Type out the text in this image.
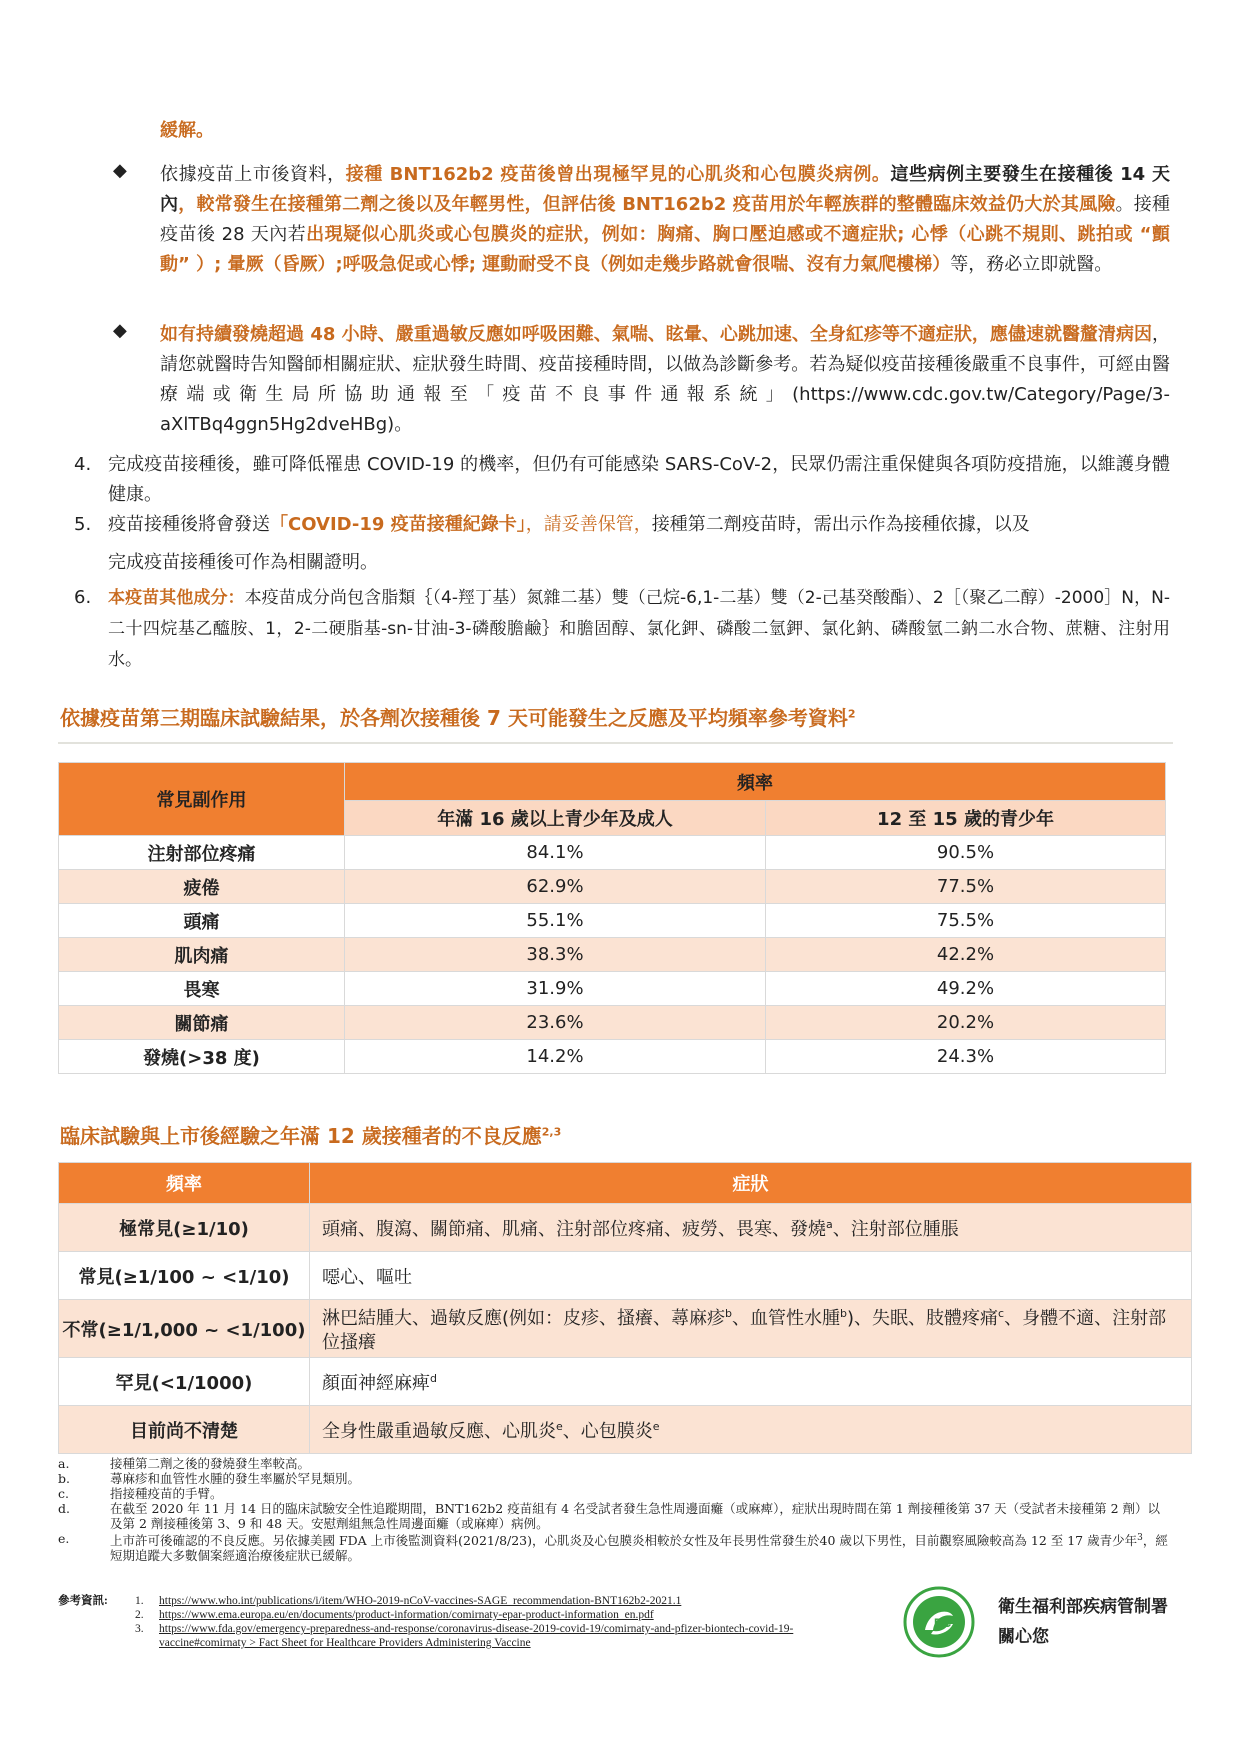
緩解。
◆ 依據疫苗上市後資料，接種 BNT162b2 疫苗後曾出現極罕見的心肌炎和心包膜炎病例。這些病例主要發生在接種後 14 天內，較常發生在接種第二劑之後以及年輕男性，但評估後 BNT162b2 疫苗用於年輕族群的整體臨床效益仍大於其風險。接種疫苗後 28 天內若出現疑似心肌炎或心包膜炎的症狀，例如：胸痛、胸口壓迫感或不適症狀; 心悸（心跳不規則、跳拍或 “顫動” ）; 暈厥（昏厥）;呼吸急促或心悸; 運動耐受不良（例如走幾步路就會很喘、沒有力氣爬樓梯）等，務必立即就醫。
◆ 如有持續發燒超過 48 小時、嚴重過敏反應如呼吸困難、氣喘、眩暈、心跳加速、全身紅疹等不適症狀，應儘速就醫釐清病因，請您就醫時告知醫師相關症狀、症狀發生時間、疫苗接種時間，以做為診斷參考。若為疑似疫苗接種後嚴重不良事件，可經由醫療端或衛生局所協助通報至「疫苗不良事件通報系統」(https://www.cdc.gov.tw/Category/Page/3-aXlTBq4ggn5Hg2dveHBg)。
4. 完成疫苗接種後，雖可降低罹患 COVID-19 的機率，但仍有可能感染 SARS-CoV-2，民眾仍需注重保健與各項防疫措施，以維護身體健康。
5. 疫苗接種後將會發送「COVID-19 疫苗接種紀錄卡」，請妥善保管，接種第二劑疫苗時，需出示作為接種依據，以及
完成疫苗接種後可作為相關證明。
6. 本疫苗其他成分：本疫苗成分尚包含脂類｛（4-羥丁基）氮雜二基）雙（己烷-6,1-二基）雙（2-己基癸酸酯）、2［（聚乙二醇）-2000］N，N-二十四烷基乙醯胺、1，2-二硬脂基-sn-甘油-3-磷酸膽鹼｝和膽固醇、氯化鉀、磷酸二氫鉀、氯化鈉、磷酸氫二鈉二水合物、蔗糖、注射用水。
依據疫苗第三期臨床試驗結果，於各劑次接種後 7 天可能發生之反應及平均頻率參考資料$^2$
常見副作用	頻率	
	年滿 16 歲以上青少年及成人	12 至 15 歲的青少年
注射部位疼痛	84.1%	90.5%
疲倦	62.9%	77.5%
頭痛	55.1%	75.5%
肌肉痛	38.3%	42.2%
畏寒	31.9%	49.2%
關節痛	23.6%	20.2%
發燒(>38 度)	14.2%	24.3%
臨床試驗與上市後經驗之年滿 12 歲接種者的不良反應$^{2,3}$
頻率	症狀
極常見(≥1/10)	頭痛、腹瀉、關節痛、肌痛、注射部位疼痛、疲勞、畏寒、發燒$^a$、注射部位腫脹
常見(≥1/100 ~ <1/10)	噁心、嘔吐
不常(≥1/1,000 ~ <1/100)	淋巴結腫大、過敏反應(例如：皮疹、搔癢、蕁麻疹$^b$、血管性水腫$^b$)、失眠、肢體疼痛$^c$、身體不適、注射部位搔癢
罕見(<1/1000)	顏面神經麻痺$^d$
目前尚不清楚	全身性嚴重過敏反應、心肌炎$^e$、心包膜炎$^e$
a.	接種第二劑之後的發燒發生率較高。
b.	蕁麻疹和血管性水腫的發生率屬於罕見類別。
c.	指接種疫苗的手臂。
d.	在截至 2020 年 11 月 14 日的臨床試驗安全性追蹤期間，BNT162b2 疫苗組有 4 名受試者發生急性周邊面癱（或麻痺），症狀出現時間在第 1 劑接種後第 37 天（受試者未接種第 2 劑）以及第 2 劑接種後第 3、9 和 48 天。安慰劑組無急性周邊面癱（或麻痺）病例。
e.	上市許可後確認的不良反應。另依據美國 FDA 上市後監測資料(2021/8/23)，心肌炎及心包膜炎相較於女性及年長男性常發生於40 歲以下男性，目前觀察風險較高為 12 至 17 歲青少年$^3$，經短期追蹤大多數個案經適治療後症狀已緩解。
參考資訊: 1.	https://www.who.int/publications/i/item/WHO-2019-nCoV-vaccines-SAGE_recommendation-BNT162b2-2021.1
2.	https://www.ema.europa.eu/en/documents/product-information/comirnaty-epar-product-information_en.pdf
3.	https://www.fda.gov/emergency-preparedness-and-response/coronavirus-disease-2019-covid-19/comirnaty-and-pfizer-biontech-covid-19-vaccine#comirnaty > Fact Sheet for Healthcare Providers Administering Vaccine
DC
衛生福利部疾病管制署
關心您
